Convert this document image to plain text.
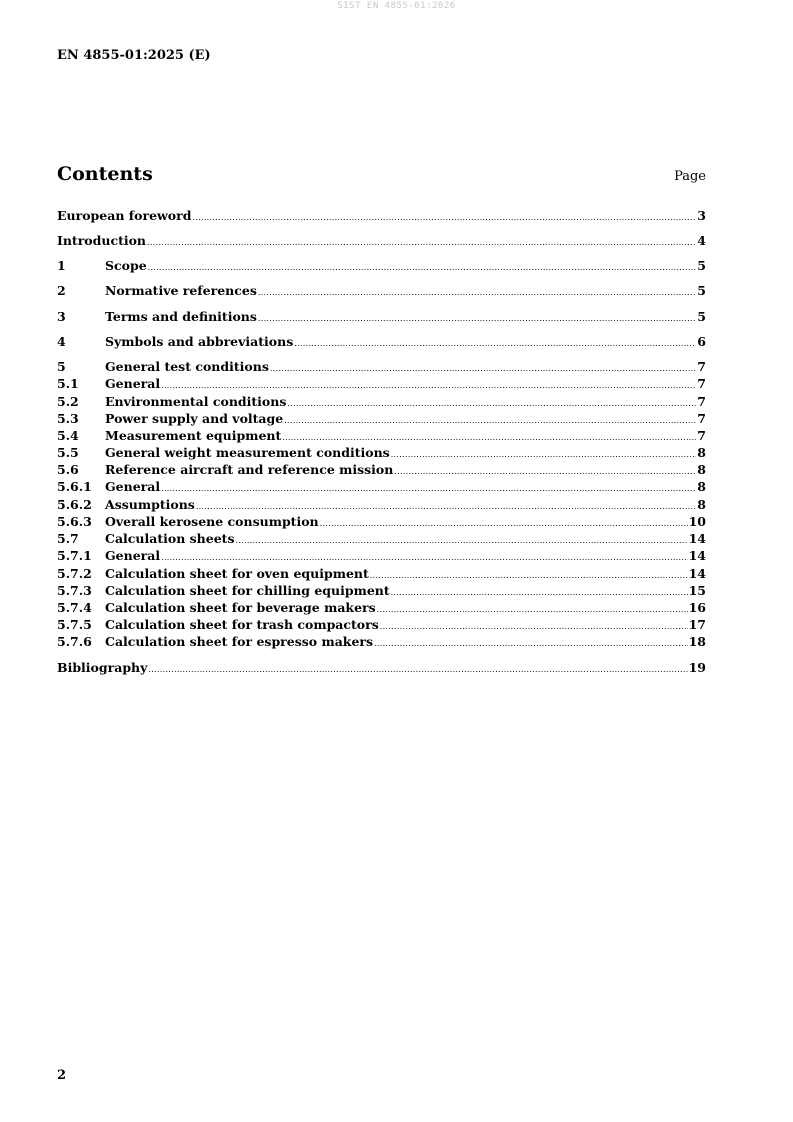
SIST EN 4855-01:2026
EN 4855-01:2025 (E)
Contents	Page
European foreword .....	3
Introduction .....	4
1	Scope .....	5
2	Normative references .....	5
3	Terms and definitions .....	5
4	Symbols and abbreviations .....	6
5	General test conditions .....	7
5.1	General .....	7
5.2	Environmental conditions .....	7
5.3	Power supply and voltage .....	7
5.4	Measurement equipment .....	7
5.5	General weight measurement conditions .....	8
5.6	Reference aircraft and reference mission .....	8
5.6.1	General .....	8
5.6.2	Assumptions .....	8
5.6.3	Overall kerosene consumption .....	10
5.7	Calculation sheets .....	14
5.7.1	General .....	14
5.7.2	Calculation sheet for oven equipment .....	14
5.7.3	Calculation sheet for chilling equipment .....	15
5.7.4	Calculation sheet for beverage makers .....	16
5.7.5	Calculation sheet for trash compactors .....	17
5.7.6	Calculation sheet for espresso makers .....	18
Bibliography .....	19
2
